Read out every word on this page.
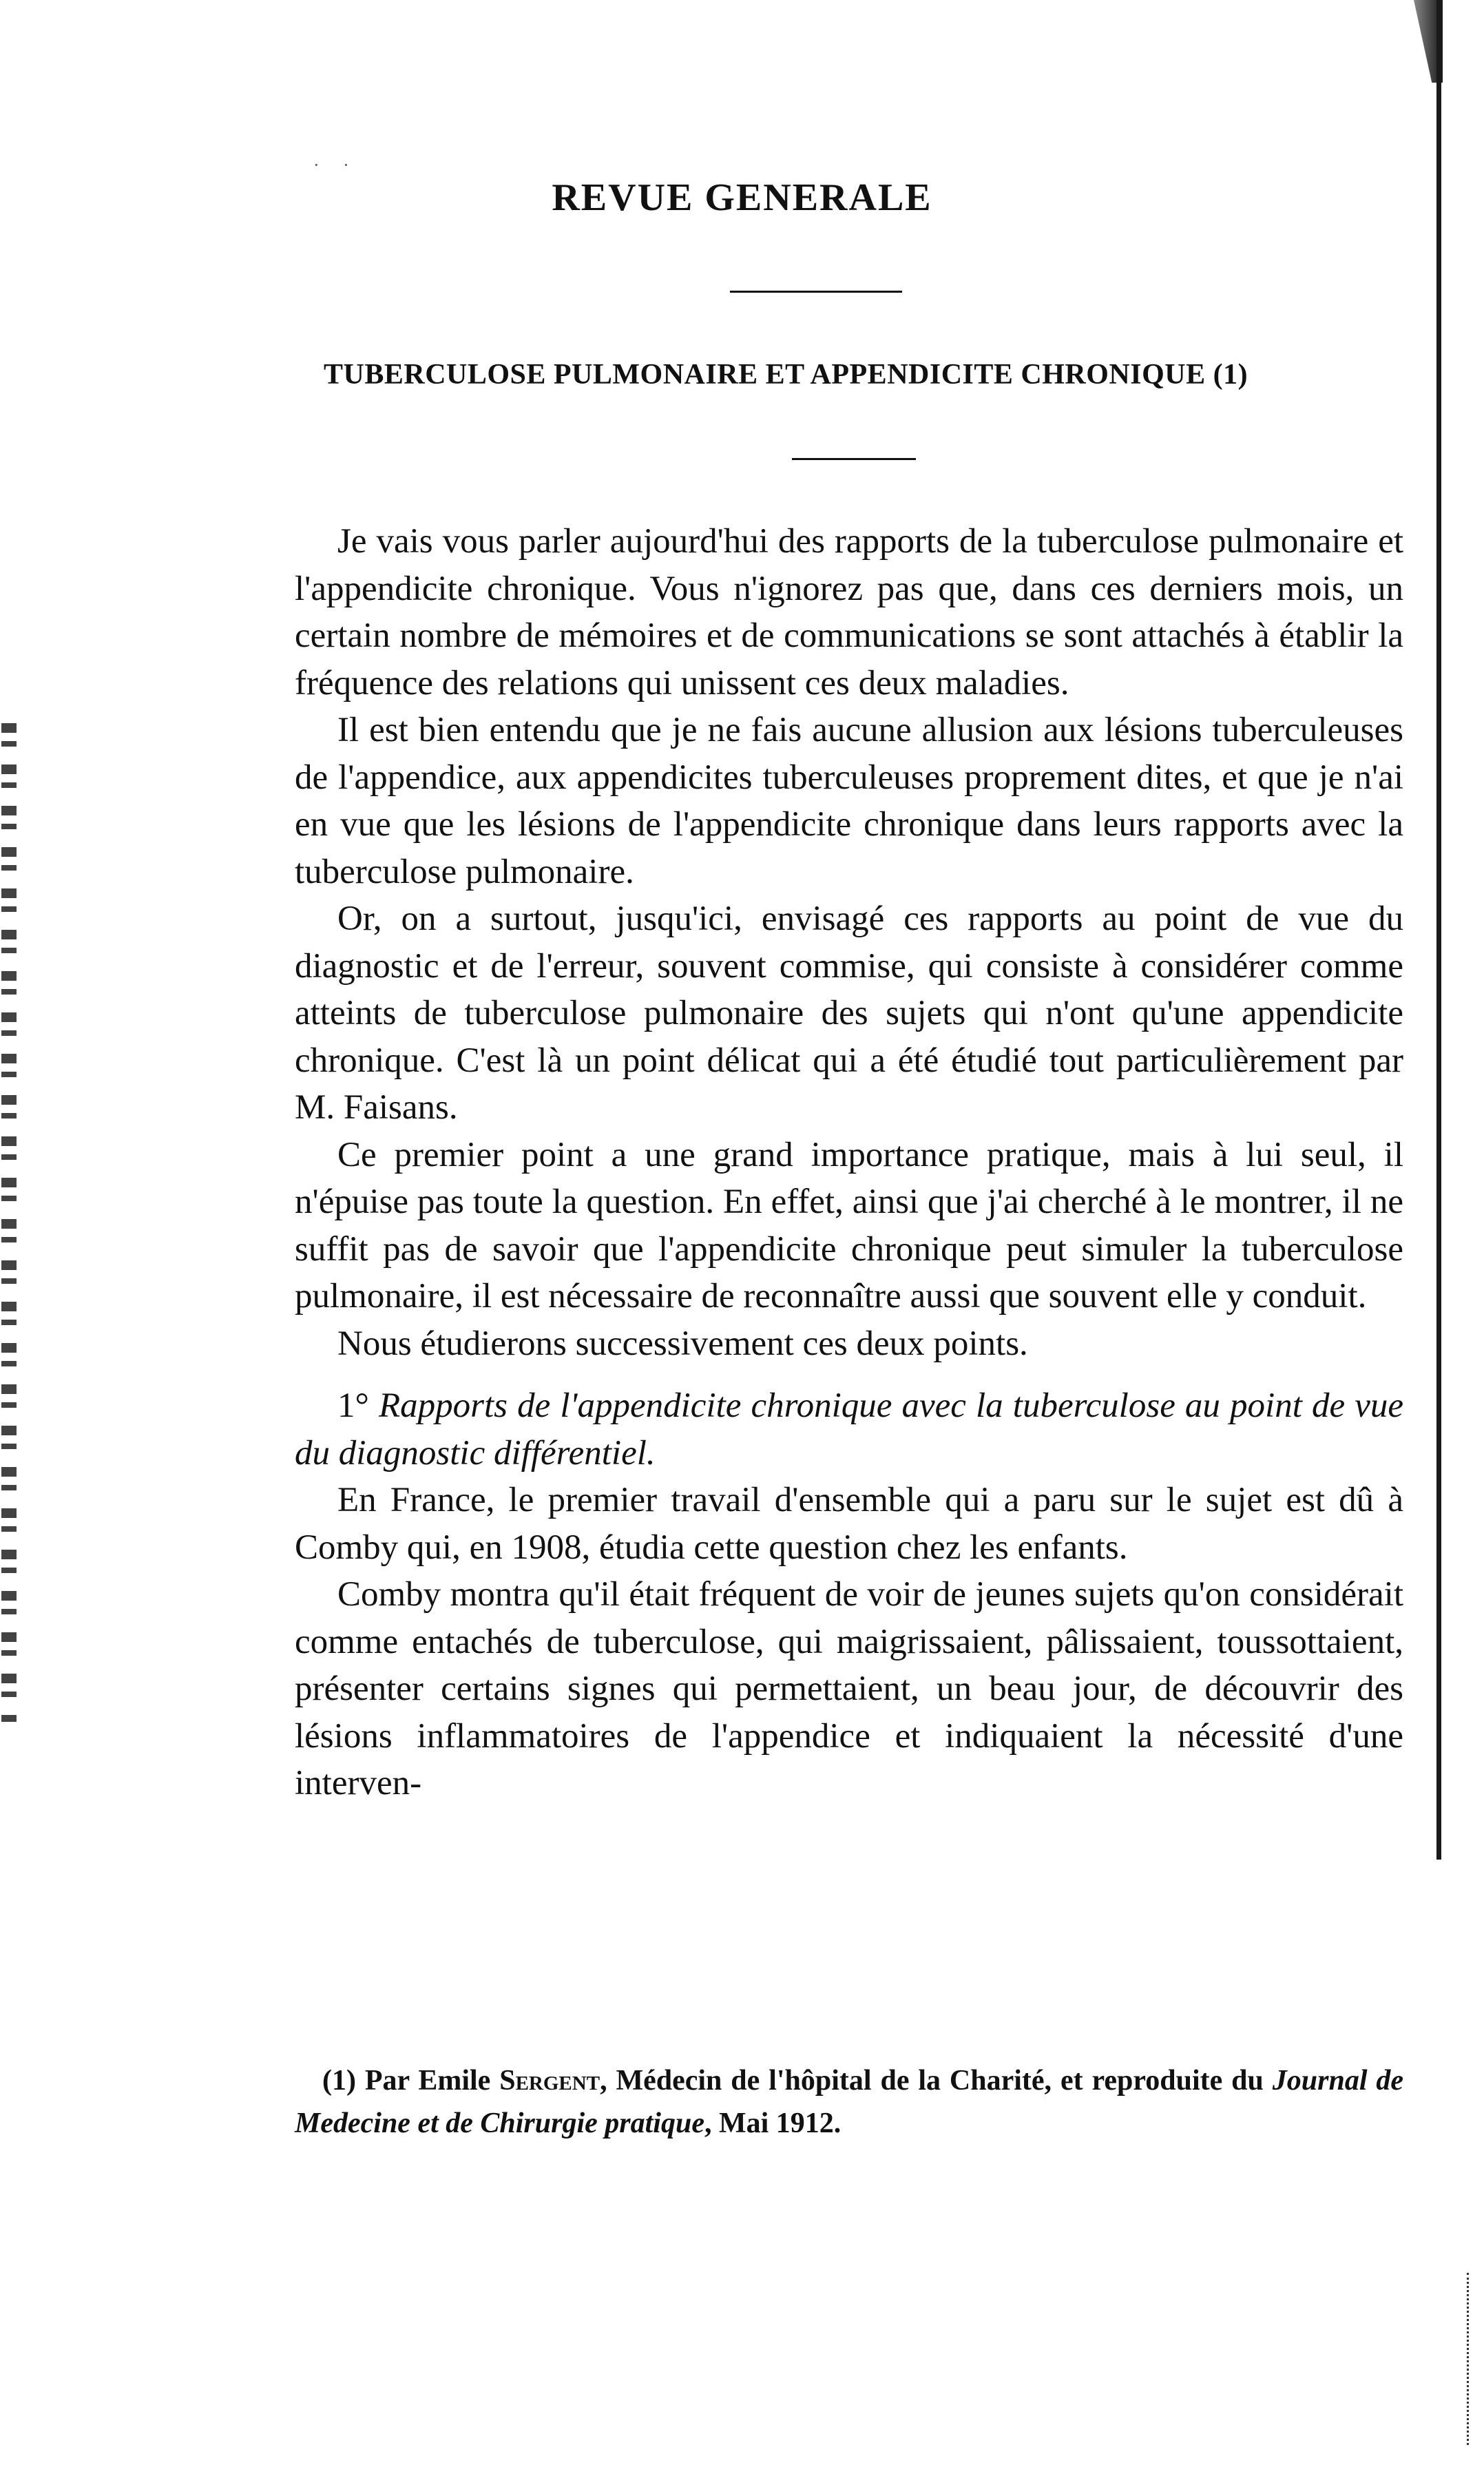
· ·
REVUE GENERALE
TUBERCULOSE PULMONAIRE ET APPENDICITE CHRONIQUE (1)

Je vais vous parler aujourd'hui des rapports de la tuberculose pulmonaire et l'appendicite chronique. Vous n'ignorez pas que, dans ces derniers mois, un certain nombre de mémoires et de communications se sont attachés à établir la fréquence des relations qui unissent ces deux maladies.

Il est bien entendu que je ne fais aucune allusion aux lésions tuberculeuses de l'appendice, aux appendicites tuberculeuses proprement dites, et que je n'ai en vue que les lésions de l'appendicite chronique dans leurs rapports avec la tuberculose pulmonaire.

Or, on a surtout, jusqu'ici, envisagé ces rapports au point de vue du diagnostic et de l'erreur, souvent commise, qui consiste à considérer comme atteints de tuberculose pulmonaire des sujets qui n'ont qu'une appendicite chronique. C'est là un point délicat qui a été étudié tout particulièrement par M. Faisans.

Ce premier point a une grand importance pratique, mais à lui seul, il n'épuise pas toute la question. En effet, ainsi que j'ai cherché à le montrer, il ne suffit pas de savoir que l'appendicite chronique peut simuler la tuberculose pulmonaire, il est nécessaire de reconnaître aussi que souvent elle y conduit.

Nous étudierons successivement ces deux points.

1° Rapports de l'appendicite chronique avec la tuberculose au point de vue du diagnostic différentiel.

En France, le premier travail d'ensemble qui a paru sur le sujet est dû à Comby qui, en 1908, étudia cette question chez les enfants.

Comby montra qu'il était fréquent de voir de jeunes sujets qu'on considérait comme entachés de tuberculose, qui maigrissaient, pâlissaient, toussottaient, présenter certains signes qui permettaient, un beau jour, de découvrir des lésions inflammatoires de l'appendice et indiquaient la nécessité d'une interven-

(1) Par Emile Sergent, Médecin de l'hôpital de la Charité, et reproduite du Journal de Medecine et de Chirurgie pratique, Mai 1912.
